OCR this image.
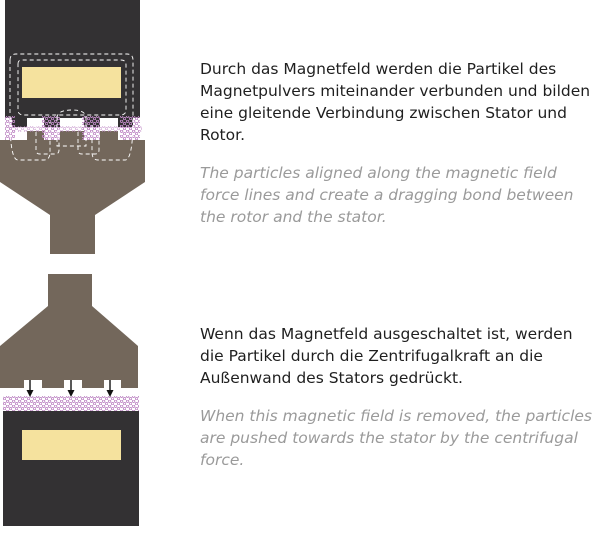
Durch das Magnetfeld werden die Partikel des Magnetpulvers miteinander verbunden und bilden eine gleitende Verbindung zwischen Stator und Rotor.

The particles aligned along the magnetic field force lines and create a dragging bond between the rotor and the stator.

Wenn das Magnetfeld ausgeschaltet ist, werden die Partikel durch die Zentrifugalkraft an die Außenwand des Stators gedrückt.

When this magnetic field is removed, the particles are pushed towards the stator by the centrifugal force.
